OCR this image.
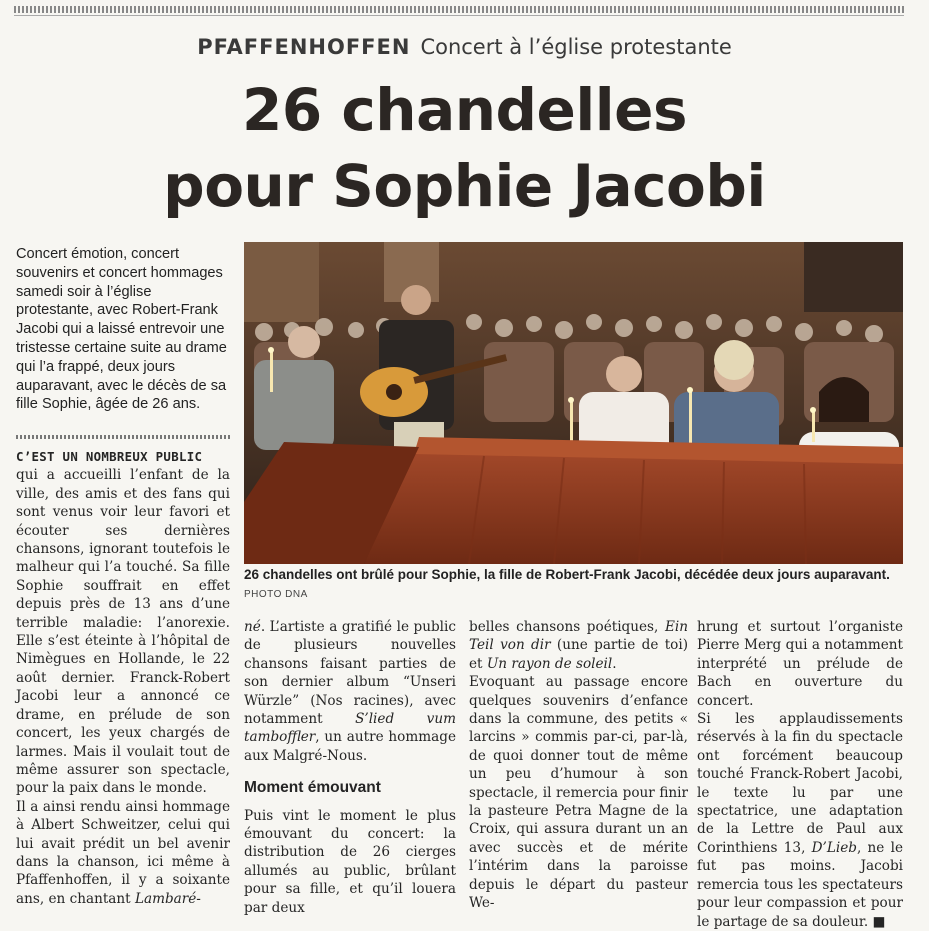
PFAFFENHOFFEN Concert à l’église protestante
26 chandelles
pour Sophie Jacobi
Concert émotion, concert souvenirs et concert hommages samedi soir à l’église protestante, avec Robert-Frank Jacobi qui a laissé entrevoir une tristesse certaine suite au drame qui l’a frappé, deux jours auparavant, avec le décès de sa fille Sophie, âgée de 26 ans.

C’EST UN NOMBREUX PUBLIC
qui a accueilli l’enfant de la ville, des amis et des fans qui sont venus voir leur favori et écouter ses dernières chansons, ignorant toutefois le malheur qui l’a touché. Sa fille Sophie souffrait en effet depuis près de 13 ans d’une terrible maladie: l’anorexie. Elle s’est éteinte à l’hôpital de Nimègues en Hollande, le 22 août dernier. Franck-Robert Jacobi leur a annoncé ce drame, en prélude de son concert, les yeux chargés de larmes. Mais il voulait tout de même assurer son spectacle, pour la paix dans le monde.

Il a ainsi rendu ainsi hommage à Albert Schweitzer, celui qui lui avait prédit un bel avenir dans la chanson, ici même à Pfaffenhoffen, il y a soixante ans, en chantant Lambaré-

né. L’artiste a gratifié le public de plusieurs nouvelles chansons faisant parties de son dernier album “Unseri Würzle” (Nos racines), avec notamment S’lied vum tamboffler, un autre hommage aux Malgré-Nous.

Moment émouvant

Puis vint le moment le plus émouvant du concert: la distribution de 26 cierges allumés au public, brûlant pour sa fille, et qu’il louera par deux

belles chansons poétiques, Ein Teil von dir (une partie de toi) et Un rayon de soleil.

Evoquant au passage encore quelques souvenirs d’enfance dans la commune, des petits « larcins » commis par-ci, par-là, de quoi donner tout de même un peu d’humour à son spectacle, il remercia pour finir la pasteure Petra Magne de la Croix, qui assura durant un an avec succès et de mérite l’intérim dans la paroisse depuis le départ du pasteur We-

hrung et surtout l’organiste Pierre Merg qui a notamment interprété un prélude de Bach en ouverture du concert.

Si les applaudissements réservés à la fin du spectacle ont forcément beaucoup touché Franck-Robert Jacobi, le texte lu par une spectatrice, une adaptation de la Lettre de Paul aux Corinthiens 13, D’Lieb, ne le fut pas moins. Jacobi remercia tous les spectateurs pour leur compassion et pour le partage de sa douleur. ■

26 chandelles ont brûlé pour Sophie, la fille de Robert-Frank Jacobi, décédée deux jours auparavant. PHOTO DNA
